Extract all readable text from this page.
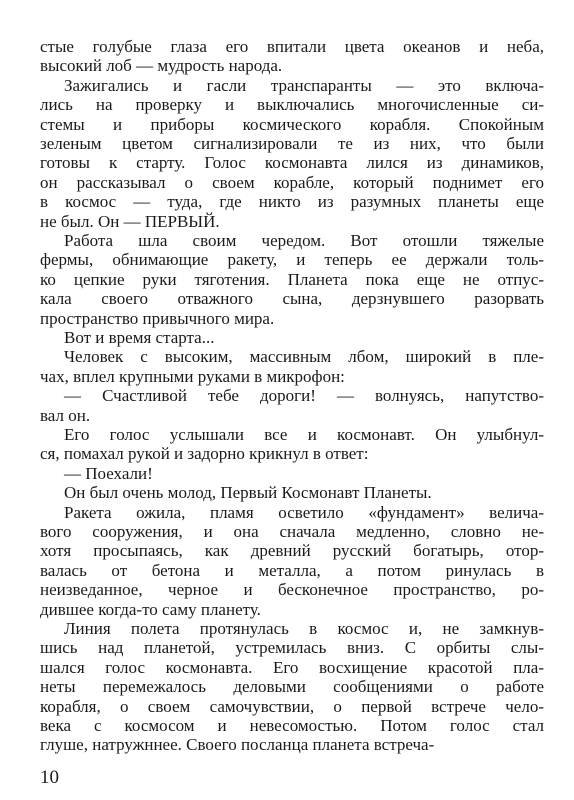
стые голубые глаза его впитали цвета океанов и неба,
высокий лоб — мудрость народа.
Зажигались и гасли транспаранты — это включа-
лись на проверку и выключались многочисленные си-
стемы и приборы космического корабля. Спокойным
зеленым цветом сигнализировали те из них, что были
готовы к старту. Голос космонавта лился из динамиков,
он рассказывал о своем корабле, который поднимет его
в космос — туда, где никто из разумных планеты еще
не был. Он — ПЕРВЫЙ.
Работа шла своим чередом. Вот отошли тяжелые
фермы, обнимающие ракету, и теперь ее держали толь-
ко цепкие руки тяготения. Планета пока еще не отпус-
кала своего отважного сына, дерзнувшего разорвать
пространство привычного мира.
Вот и время старта...
Человек с высоким, массивным лбом, широкий в пле-
чах, вплел крупными руками в микрофон:
— Счастливой тебе дороги! — волнуясь, напутство-
вал он.
Его голос услышали все и космонавт. Он улыбнул-
ся, помахал рукой и задорно крикнул в ответ:
— Поехали!
Он был очень молод, Первый Космонавт Планеты.
Ракета ожила, пламя осветило «фундамент» велича-
вого сооружения, и она сначала медленно, словно не-
хотя просыпаясь, как древний русский богатырь, отор-
валась от бетона и металла, а потом ринулась в
неизведанное, черное и бесконечное пространство, ро-
дившее когда-то саму планету.
Линия полета протянулась в космос и, не замкнув-
шись над планетой, устремилась вниз. С орбиты слы-
шался голос космонавта. Его восхищение красотой пла-
неты перемежалось деловыми сообщениями о работе
корабля, о своем самочувствии, о первой встрече чело-
века с космосом и невесомостью. Потом голос стал
глуше, натружннее. Своего посланца планета встреча-
10
